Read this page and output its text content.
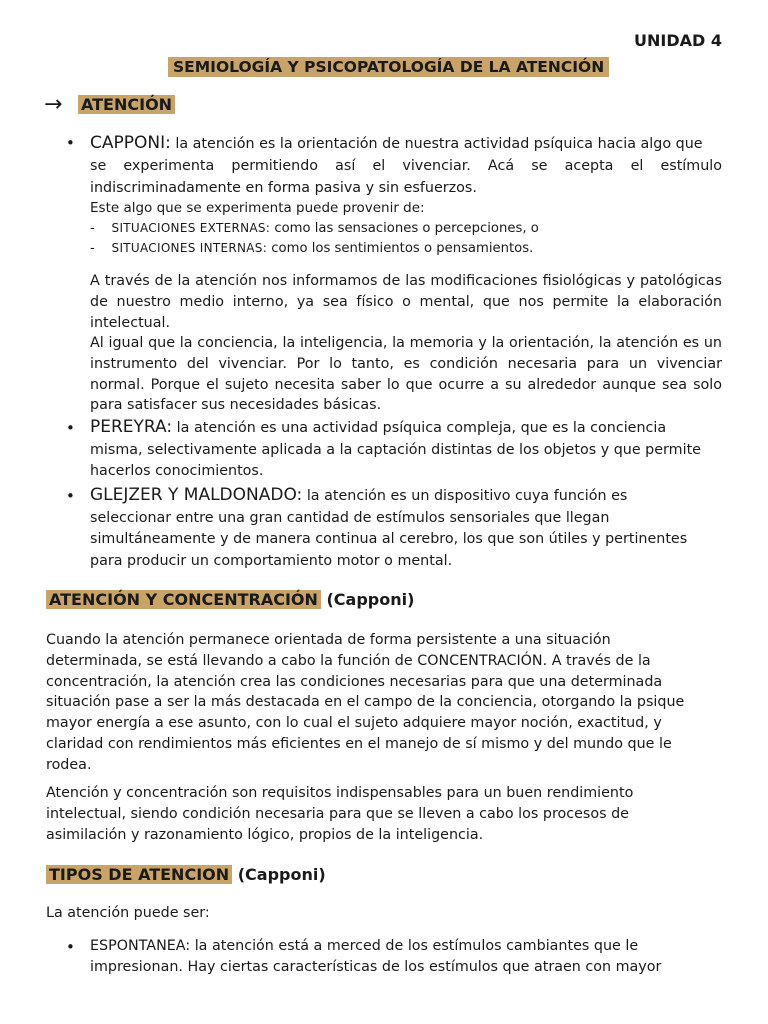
UNIDAD 4
SEMIOLOGÍA Y PSICOPATOLOGÍA DE LA ATENCIÓN
→	ATENCIÓN
• CAPPONI: la atención es la orientación de nuestra actividad psíquica hacia algo que
se experimenta permitiendo así el vivenciar. Acá se acepta el estímulo
indiscriminadamente en forma pasiva y sin esfuerzos.
Este algo que se experimenta puede provenir de:
-    SITUACIONES EXTERNAS: como las sensaciones o percepciones, o
-    SITUACIONES INTERNAS: como los sentimientos o pensamientos.
A través de la atención nos informamos de las modificaciones fisiológicas y patológicas de nuestro medio interno, ya sea físico o mental, que nos permite la elaboración intelectual.
Al igual que la conciencia, la inteligencia, la memoria y la orientación, la atención es un instrumento del vivenciar. Por lo tanto, es condición necesaria para un vivenciar normal. Porque el sujeto necesita saber lo que ocurre a su alrededor aunque sea solo para satisfacer sus necesidades básicas.
• PEREYRA: la atención es una actividad psíquica compleja, que es la conciencia
misma, selectivamente aplicada a la captación distintas de los objetos y que permite
hacerlos conocimientos.
• GLEJZER Y MALDONADO: la atención es un dispositivo cuya función es
seleccionar entre una gran cantidad de estímulos sensoriales que llegan
simultáneamente y de manera continua al cerebro, los que son útiles y pertinentes
para producir un comportamiento motor o mental.
ATENCIÓN Y CONCENTRACIÓN (Capponi)
Cuando la atención permanece orientada de forma persistente a una situación determinada, se está llevando a cabo la función de CONCENTRACIÓN. A través de la concentración, la atención crea las condiciones necesarias para que una determinada situación pase a ser la más destacada en el campo de la conciencia, otorgando la psique mayor energía a ese asunto, con lo cual el sujeto adquiere mayor noción, exactitud, y claridad con rendimientos más eficientes en el manejo de sí mismo y del mundo que le rodea.
Atención y concentración son requisitos indispensables para un buen rendimiento intelectual, siendo condición necesaria para que se lleven a cabo los procesos de asimilación y razonamiento lógico, propios de la inteligencia.
TIPOS DE ATENCION (Capponi)
La atención puede ser:
• ESPONTANEA: la atención está a merced de los estímulos cambiantes que le
impresionan. Hay ciertas características de los estímulos que atraen con mayor
